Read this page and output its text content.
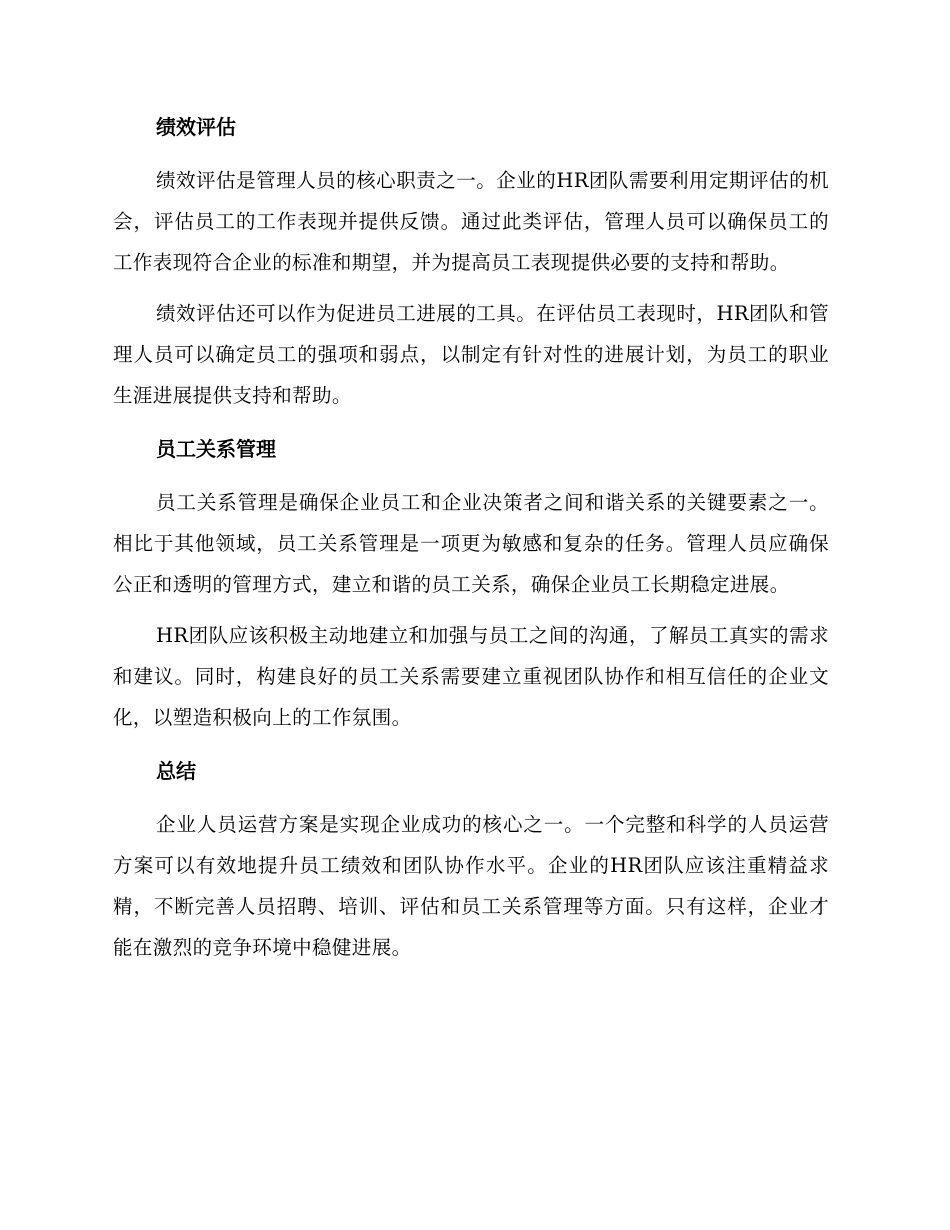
绩效评估

绩效评估是管理人员的核心职责之一。企业的HR团队需要利用定期评估的机会，评估员工的工作表现并提供反馈。通过此类评估，管理人员可以确保员工的工作表现符合企业的标准和期望，并为提高员工表现提供必要的支持和帮助。

绩效评估还可以作为促进员工进展的工具。在评估员工表现时，HR团队和管理人员可以确定员工的强项和弱点，以制定有针对性的进展计划，为员工的职业生涯进展提供支持和帮助。

员工关系管理

员工关系管理是确保企业员工和企业决策者之间和谐关系的关键要素之一。相比于其他领域，员工关系管理是一项更为敏感和复杂的任务。管理人员应确保公正和透明的管理方式，建立和谐的员工关系，确保企业员工长期稳定进展。

HR团队应该积极主动地建立和加强与员工之间的沟通，了解员工真实的需求和建议。同时，构建良好的员工关系需要建立重视团队协作和相互信任的企业文化，以塑造积极向上的工作氛围。

总结

企业人员运营方案是实现企业成功的核心之一。一个完整和科学的人员运营方案可以有效地提升员工绩效和团队协作水平。企业的HR团队应该注重精益求精，不断完善人员招聘、培训、评估和员工关系管理等方面。只有这样，企业才能在激烈的竞争环境中稳健进展。
